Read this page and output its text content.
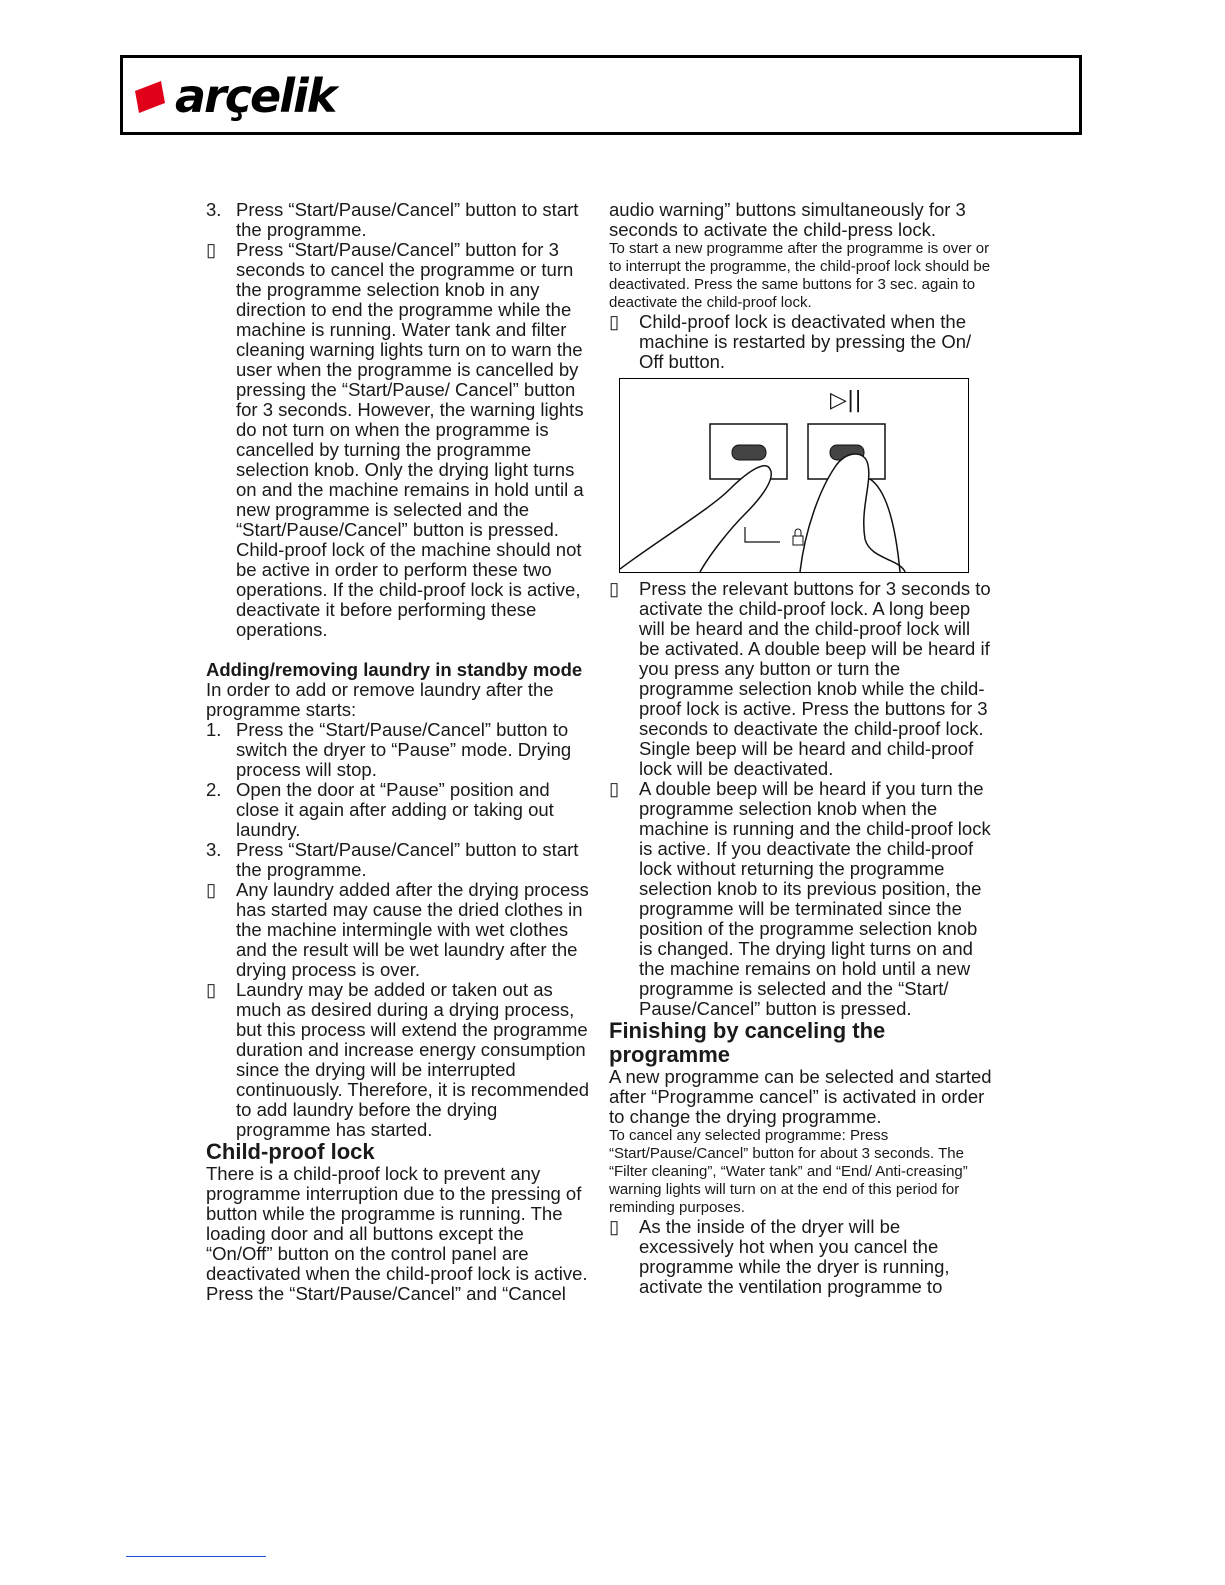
arçelik
3. Press “Start/Pause/Cancel” button to start the programme.
▯ Press “Start/Pause/Cancel” button for 3 seconds to cancel the programme or turn the programme selection knob in any direction to end the programme while the machine is running. Water tank and filter cleaning warning lights turn on to warn the user when the programme is cancelled by pressing the “Start/Pause/ Cancel” button for 3 seconds. However, the warning lights do not turn on when the programme is cancelled by turning the programme selection knob. Only the drying light turns on and the machine remains in hold until a new programme is selected and the “Start/Pause/Cancel” button is pressed. Child-proof lock of the machine should not be active in order to perform these two operations. If the child-proof lock is active, deactivate it before performing these operations.

Adding/removing laundry in standby mode

In order to add or remove laundry after the programme starts:

1. Press the “Start/Pause/Cancel” button to switch the dryer to “Pause” mode. Drying process will stop.
2. Open the door at “Pause” position and close it again after adding or taking out laundry.
3. Press “Start/Pause/Cancel” button to start the programme.
▯ Any laundry added after the drying process has started may cause the dried clothes in the machine intermingle with wet clothes and the result will be wet laundry after the drying process is over.
▯ Laundry may be added or taken out as much as desired during a drying process, but this process will extend the programme duration and increase energy consumption since the drying will be interrupted continuously. Therefore, it is recommended to add laundry before the drying programme has started.

Child-proof lock

There is a child-proof lock to prevent any programme interruption due to the pressing of button while the programme is running. The loading door and all buttons except the “On/Off” button on the control panel are deactivated when the child-proof lock is active.

Press the “Start/Pause/Cancel” and “Cancel

audio warning” buttons simultaneously for 3 seconds to activate the child-press lock.

To start a new programme after the programme is over or to interrupt the programme, the child-proof lock should be deactivated. Press the same buttons for 3 sec. again to deactivate the child-proof lock.

▯ Child-proof lock is deactivated when the machine is restarted by pressing the On/ Off button.
▷||
▯ Press the relevant buttons for 3 seconds to activate the child-proof lock. A long beep will be heard and the child-proof lock will be activated. A double beep will be heard if you press any button or turn the programme selection knob while the child-proof lock is active. Press the buttons for 3 seconds to deactivate the child-proof lock. Single beep will be heard and child-proof lock will be deactivated.
▯ A double beep will be heard if you turn the programme selection knob when the machine is running and the child-proof lock is active. If you deactivate the child-proof lock without returning the programme selection knob to its previous position, the programme will be terminated since the position of the programme selection knob is changed. The drying light turns on and the machine remains on hold until a new programme is selected and the “Start/ Pause/Cancel” button is pressed.

Finishing by canceling the programme

A new programme can be selected and started after “Programme cancel” is activated in order to change the drying programme.

To cancel any selected programme: Press “Start/Pause/Cancel” button for about 3 seconds. The “Filter cleaning”, “Water tank” and “End/ Anti-creasing” warning lights will turn on at the end of this period for reminding purposes.

▯ As the inside of the dryer will be excessively hot when you cancel the programme while the dryer is running, activate the ventilation programme to
